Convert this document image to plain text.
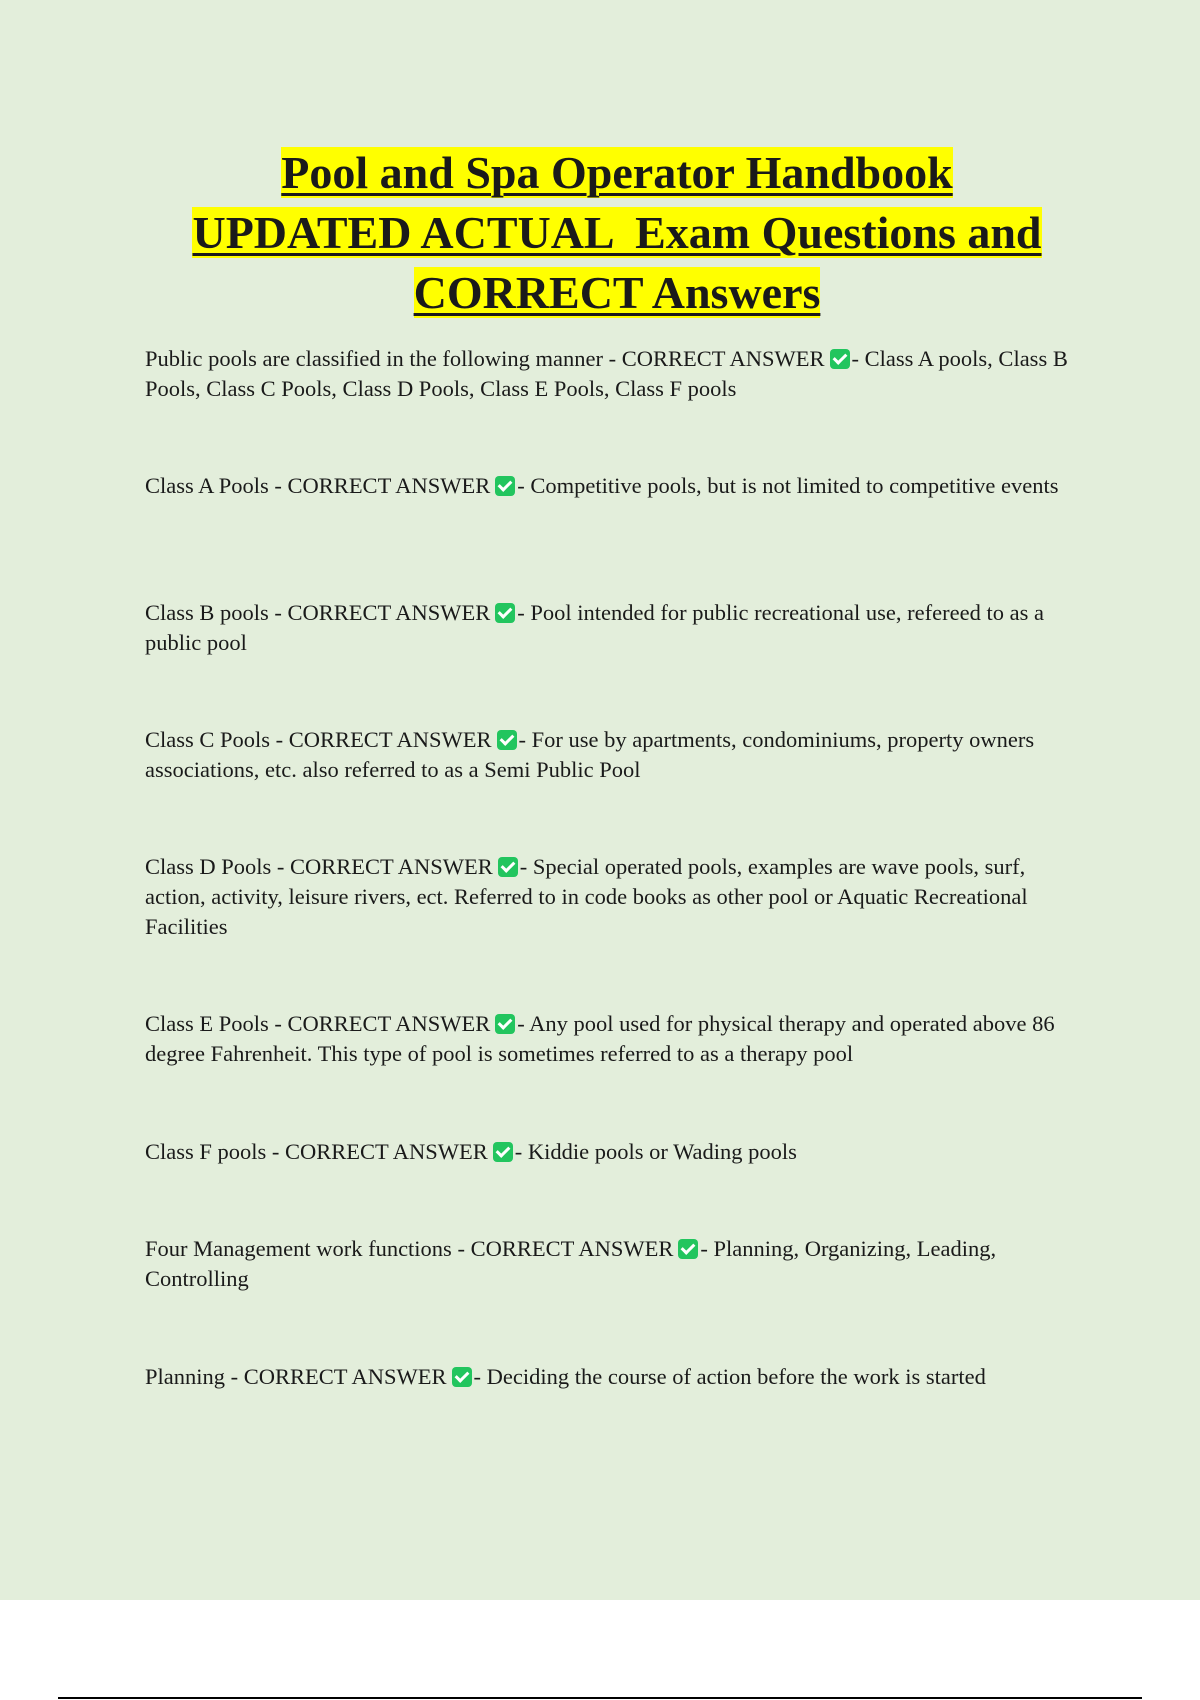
Pool and Spa Operator Handbook
UPDATED ACTUAL  Exam Questions and
CORRECT Answers

Public pools are classified in the following manner - CORRECT ANSWER - Class A pools, Class B Pools, Class C Pools, Class D Pools, Class E Pools, Class F pools

Class A Pools - CORRECT ANSWER - Competitive pools, but is not limited to competitive events

Class B pools - CORRECT ANSWER - Pool intended for public recreational use, refereed to as a public pool

Class C Pools - CORRECT ANSWER - For use by apartments, condominiums, property owners associations, etc. also referred to as a Semi Public Pool

Class D Pools - CORRECT ANSWER - Special operated pools, examples are wave pools, surf, action, activity, leisure rivers, ect. Referred to in code books as other pool or Aquatic Recreational Facilities

Class E Pools - CORRECT ANSWER - Any pool used for physical therapy and operated above 86 degree Fahrenheit. This type of pool is sometimes referred to as a therapy pool

Class F pools - CORRECT ANSWER - Kiddie pools or Wading pools

Four Management work functions - CORRECT ANSWER - Planning, Organizing, Leading, Controlling

Planning - CORRECT ANSWER - Deciding the course of action before the work is started
